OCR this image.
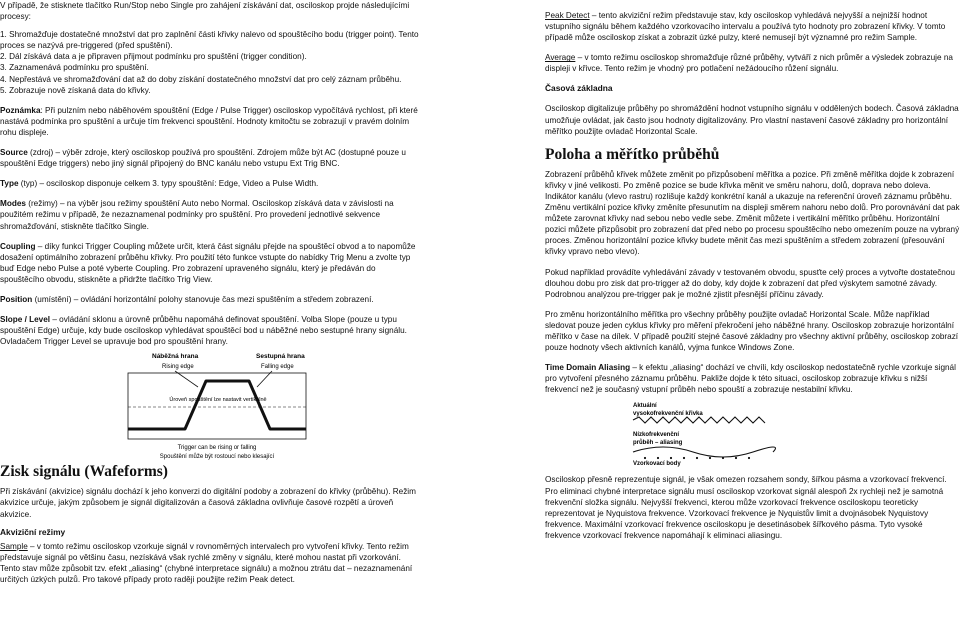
V případě, že stisknete tlačítko Run/Stop nebo Single pro zahájení získávání dat, osciloskop projde následujícími procesy:

1. Shromažďuje dostatečné množství dat pro zaplnění části křivky nalevo od spouštěcího bodu (trigger point). Tento proces se nazývá pre-triggered (před spuštění).
2. Dál získává data a je připraven přijmout podmínku pro spuštění (trigger condition).
3. Zaznamenává podmínku pro spuštění.
4. Nepřestává ve shromažďování dat až do doby získání dostatečného množství dat pro celý záznam průběhu.
5. Zobrazuje nově získaná data do křivky.

Poznámka: Při pulzním nebo náběhovém spouštění (Edge / Pulse Trigger) osciloskop vypočítává rychlost, při které nastává podmínka pro spuštění a určuje tím frekvenci spouštění. Hodnoty kmitočtu se zobrazují v pravém dolním rohu displeje.

Source (zdroj) – výběr zdroje, který osciloskop používá pro spouštění. Zdrojem může být AC (dostupné pouze u spouštění Edge triggers) nebo jiný signál připojený do BNC kanálu nebo vstupu Ext Trig BNC.

Type (typ) – osciloskop disponuje celkem 3. typy spouštění: Edge, Video a Pulse Width.

Modes (režimy) – na výběr jsou režimy spouštění Auto nebo Normal. Osciloskop získává data v závislosti na použitém režimu v případě, že nezaznamenal podmínky pro spuštění. Pro provedení jednotlivé sekvence shromažďování, stiskněte tlačítko Single.

Coupling – díky funkci Trigger Coupling můžete určit, která část signálu přejde na spouštěcí obvod a to napomůže dosažení optimálního zobrazení průběhu křivky. Pro použití této funkce vstupte do nabídky Trig Menu a zvolte typ buď Edge nebo Pulse a poté vyberte Coupling. Pro zobrazení upraveného signálu, který je předáván do spouštěcího obvodu, stiskněte a přidržte tlačítko Trig View.

Position (umístění) – ovládání horizontální polohy stanovuje čas mezi spuštěním a středem zobrazení.

Slope / Level – ovládání sklonu a úrovně průběhu napomáhá definovat spouštění. Volba Slope (pouze u typu spouštění Edge) určuje, kdy bude osciloskop vyhledávat spouštěcí bod u náběžné nebo sestupné hrany signálu. Ovladačem Trigger Level se upravuje bod pro spouštění hrany.

Náběžná hrana	Sestupná hrana
Rising edge	Falling edge
Úroveň spouštění lze nastavit vertikálně
Trigger can be rising or falling
Spouštění může být rostoucí nebo klesající
Zisk signálu (Wafeforms)

Při získávání (akvizice) signálu dochází k jeho konverzi do digitální podoby a zobrazení do křivky (průběhu). Režim akvizice určuje, jakým způsobem je signál digitalizován a časová základna ovlivňuje časové rozpětí a úroveň akvizice.

Akviziční režimy

Sample – v tomto režimu osciloskop vzorkuje signál v rovnoměrných intervalech pro vytvoření křivky. Tento režim představuje signál po většinu času, nezískává však rychlé změny v signálu, které mohou nastat při vzorkování. Tento stav může způsobit tzv. efekt „aliasing“ (chybné interpretace signálu) a možnou ztrátu dat – nezaznamenání určitých úzkých pulzů. Pro takové případy proto raději použijte režim Peak detect.

Peak Detect – tento akviziční režim představuje stav, kdy osciloskop vyhledává nejvyšší a nejnižší hodnot vstupního signálu během každého vzorkovacího intervalu a používá tyto hodnoty pro zobrazení křivky. V tomto případě může osciloskop získat a zobrazit úzké pulzy, které nemusejí být významné pro režim Sample.

Average – v tomto režimu osciloskop shromažďuje různé průběhy, vytváří z nich průměr a výsledek zobrazuje na displeji v křivce. Tento režim je vhodný pro potlačení nežádoucího růžení signálu.

Časová základna

Osciloskop digitalizuje průběhy po shromáždění hodnot vstupního signálu v oddělených bodech. Časová základna umožňuje ovládat, jak často jsou hodnoty digitalizovány. Pro vlastní nastavení časové základny pro horizontální měřítko použijte ovladač Horizontal Scale.

Poloha a měřítko průběhů

Zobrazení průběhů křivek můžete změnit po přizpůsobení měřítka a pozice. Při změně měřítka dojde k zobrazení křivky v jiné velikosti. Po změně pozice se bude křivka měnit ve směru nahoru, dolů, doprava nebo doleva. Indikátor kanálu (vlevo rastru) rozlišuje každý konkrétní kanál a ukazuje na referenční úroveň záznamu průběhu. Změnu vertikální pozice křivky změníte přesunutím na displeji směrem nahoru nebo dolů. Pro porovnávání dat pak můžete zarovnat křivky nad sebou nebo vedle sebe. Změnit můžete i vertikální měřítko průběhu. Horizontální pozici můžete přizpůsobit pro zobrazení dat před nebo po procesu spouštěcího nebo omezením pouze na vybraný proces. Změnou horizontální pozice křivky budete měnit čas mezi spuštěním a středem zobrazení (přesouvání křivky vpravo nebo vlevo).

Pokud například provádíte vyhledávání závady v testovaném obvodu, spusťte celý proces a vytvořte dostatečnou dlouhou dobu pro zisk dat pro-trigger až do doby, kdy dojde k zobrazení dat před výskytem samotné závady. Podrobnou analýzou pre-trigger pak je možné zjistit přesnější příčinu závady.

Pro změnu horizontálního měřítka pro všechny průběhy použijte ovladač Horizontal Scale. Může například sledovat pouze jeden cyklus křivky pro měření překročení jeho náběžné hrany. Osciloskop zobrazuje horizontální měřítko v čase na dílek. V případě použití stejné časové základny pro všechny aktivní průběhy, osciloskop zobrazí pouze hodnoty všech aktivních kanálů, vyjma funkce Windows Zone.

Time Domain Aliasing – k efektu „aliasing“ dochází ve chvíli, kdy osciloskop nedostatečně rychle vzorkuje signál pro vytvoření přesného záznamu průběhu. Pakliže dojde k této situaci, osciloskop zobrazuje křivku s nižší frekvencí než je současný vstupní průběh nebo spouští a zobrazuje nestabilní křivku.

Aktuální
vysokofrekvenční křivka
Nízkofrekvenční
průběh – aliasing
Vzorkovací body

Osciloskop přesně reprezentuje signál, je však omezen rozsahem sondy, šířkou pásma a vzorkovací frekvencí. Pro eliminaci chybné interpretace signálu musí osciloskop vzorkovat signál alespoň 2x rychleji než je samotná frekvenční složka signálu. Nejvyšší frekvenci, kterou může vzorkovací frekvence osciloskopu teoreticky reprezentovat je Nyquistova frekvence. Vzorkovací frekvence je Nyquistův limit a dvojnásobek Nyquistovy frekvence. Maximální vzorkovací frekvence osciloskopu je desetinásobek šířkového pásma. Tyto vysoké frekvence vzorkovací frekvence napomáhají k eliminaci aliasingu.
